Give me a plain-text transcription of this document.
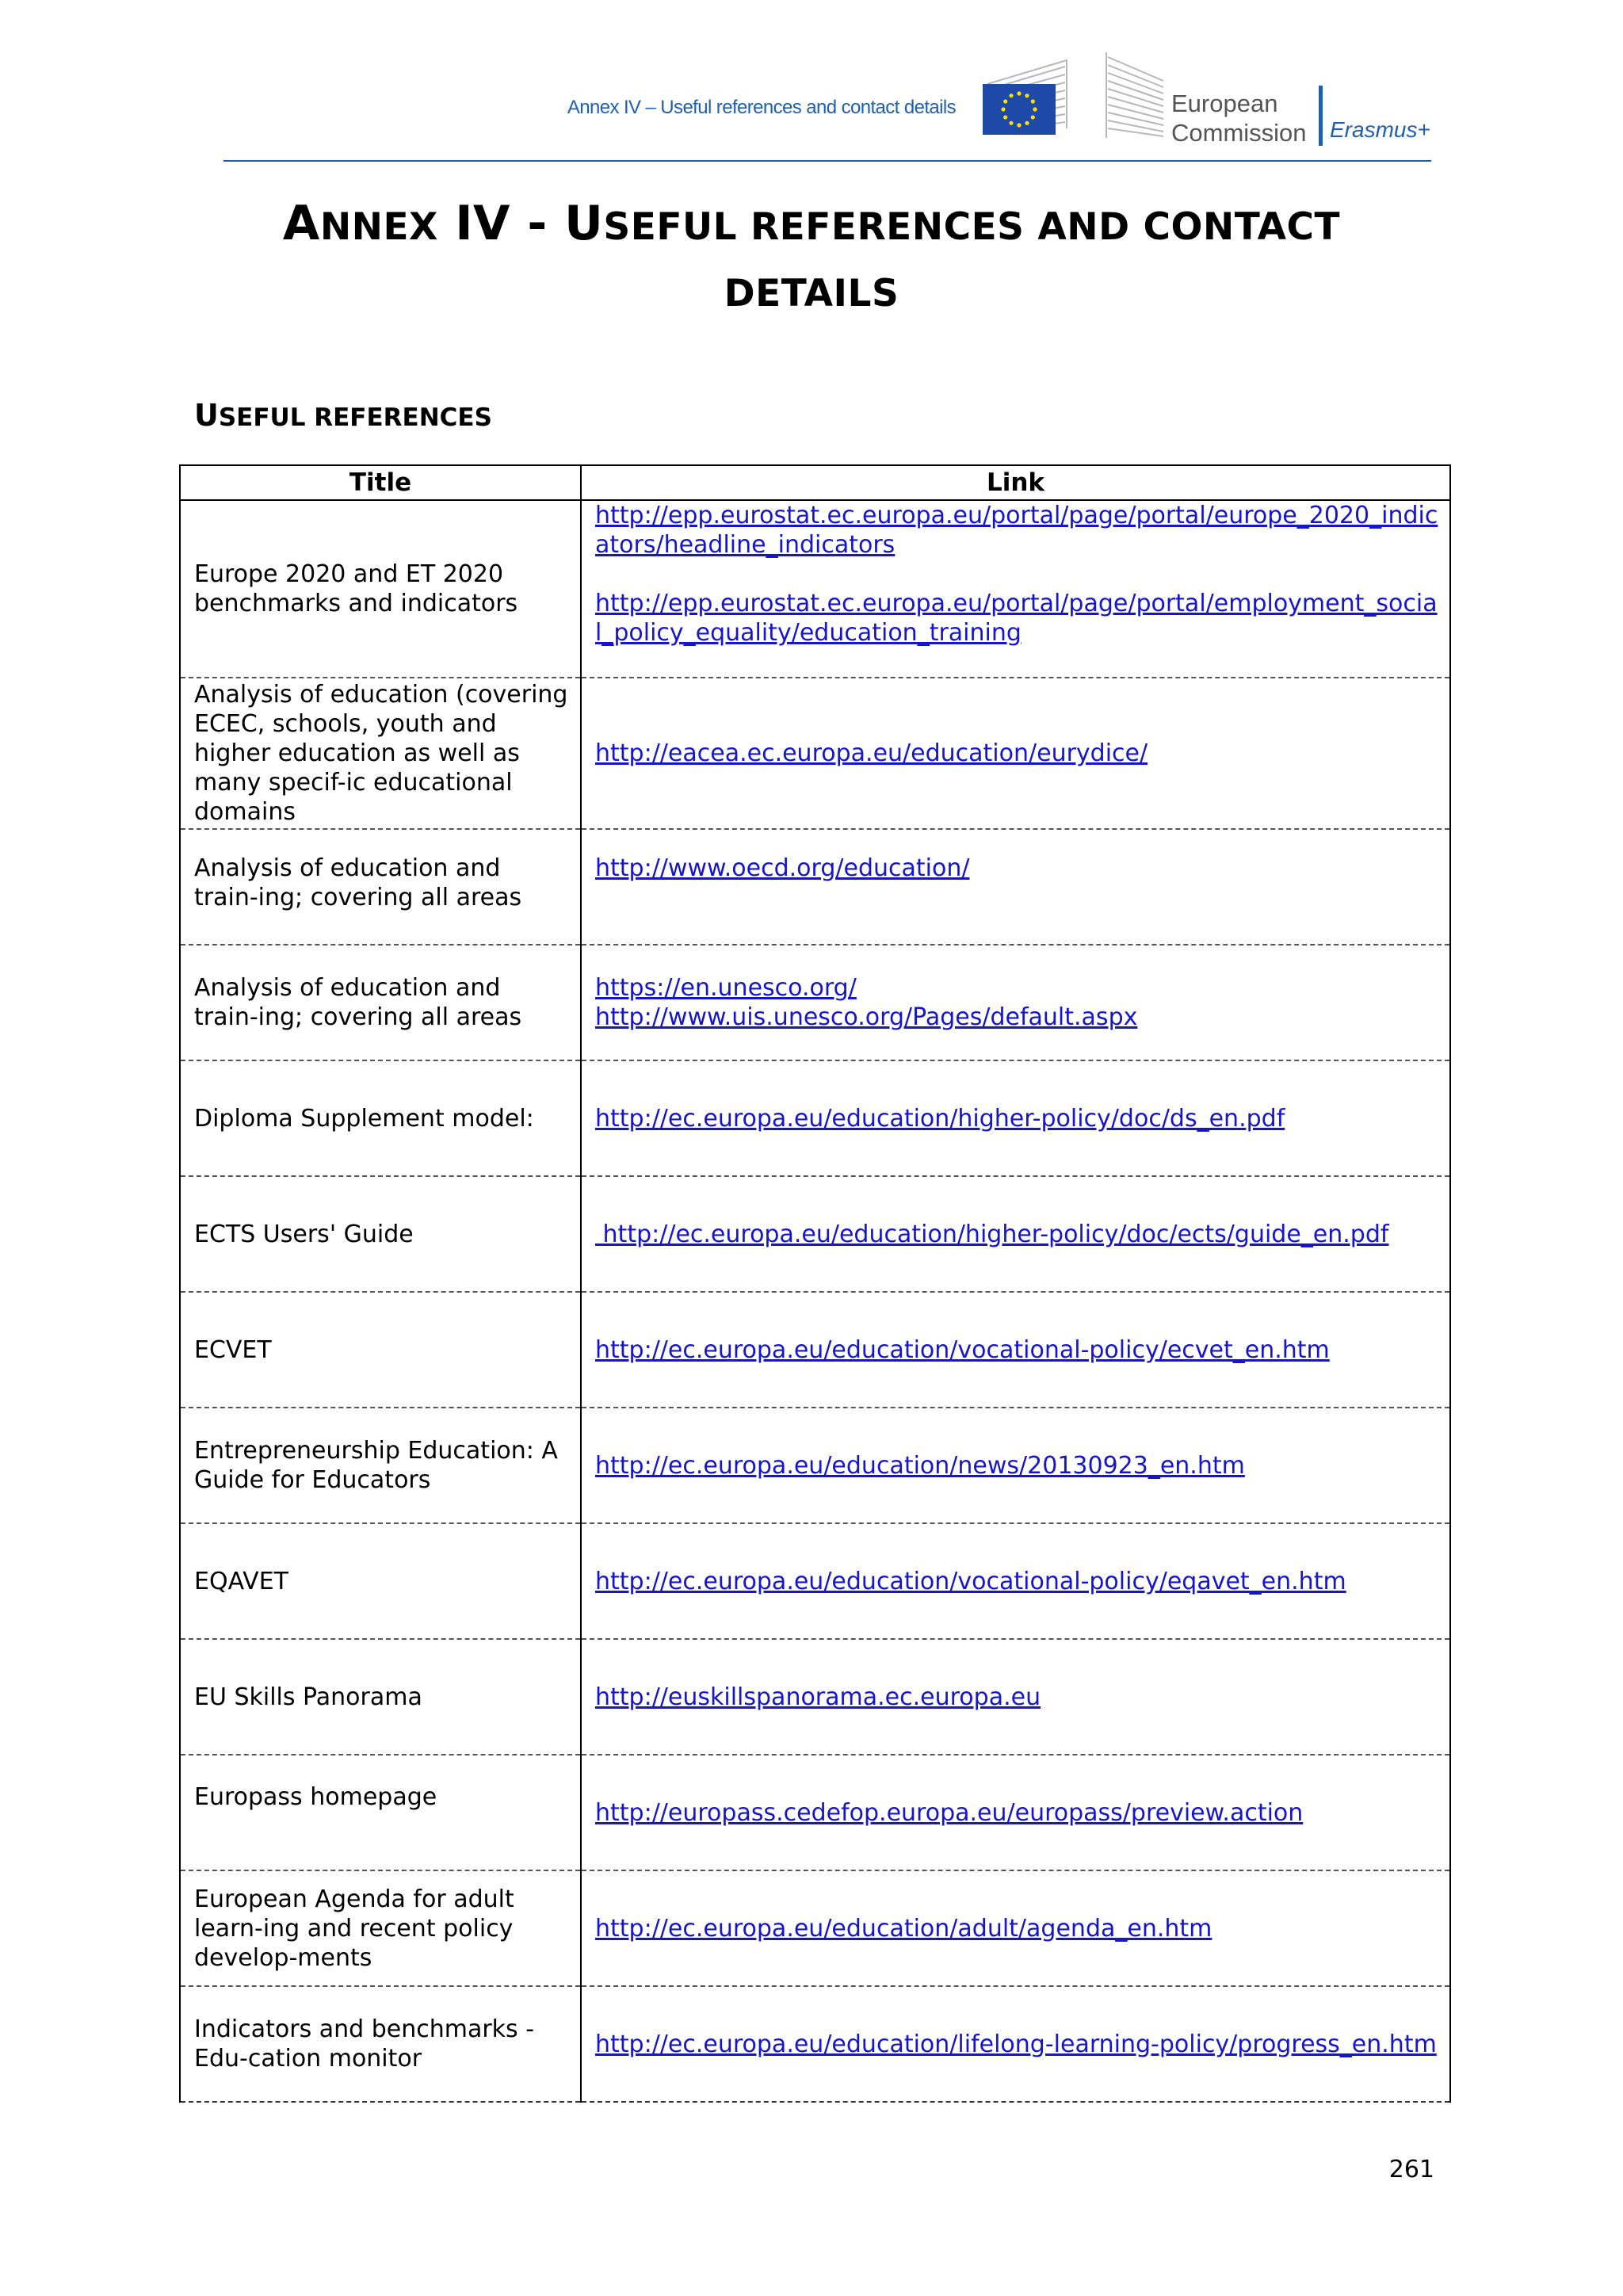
Annex IV – Useful references and contact details	European
Commission Erasmus+
ANNEX IV - USEFUL REFERENCES AND CONTACT
DETAILS
USEFUL REFERENCES
Title	Link
Europe 2020 and ET 2020 benchmarks and indicators	http://epp.eurostat.ec.europa.eu/portal/page/portal/europe_2020_indicators/headline_indicators
http://epp.eurostat.ec.europa.eu/portal/page/portal/employment_social_policy_equality/education_training
Analysis of education (covering ECEC, schools, youth and higher education as well as many specif-ic educational domains	http://eacea.ec.europa.eu/education/eurydice/
Analysis of education and train-ing; covering all areas	http://www.oecd.org/education/
Analysis of education and train-ing; covering all areas	https://en.unesco.org/
http://www.uis.unesco.org/Pages/default.aspx
Diploma Supplement model:	http://ec.europa.eu/education/higher-policy/doc/ds_en.pdf
ECTS Users' Guide	http://ec.europa.eu/education/higher-policy/doc/ects/guide_en.pdf
ECVET	http://ec.europa.eu/education/vocational-policy/ecvet_en.htm
Entrepreneurship Education: A Guide for Educators	http://ec.europa.eu/education/news/20130923_en.htm
EQAVET	http://ec.europa.eu/education/vocational-policy/eqavet_en.htm
EU Skills Panorama	http://euskillspanorama.ec.europa.eu
Europass homepage	http://europass.cedefop.europa.eu/europass/preview.action
European Agenda for adult learn-ing and recent policy develop-ments	http://ec.europa.eu/education/adult/agenda_en.htm
Indicators and benchmarks - Edu-cation monitor	http://ec.europa.eu/education/lifelong-learning-policy/progress_en.htm
261
